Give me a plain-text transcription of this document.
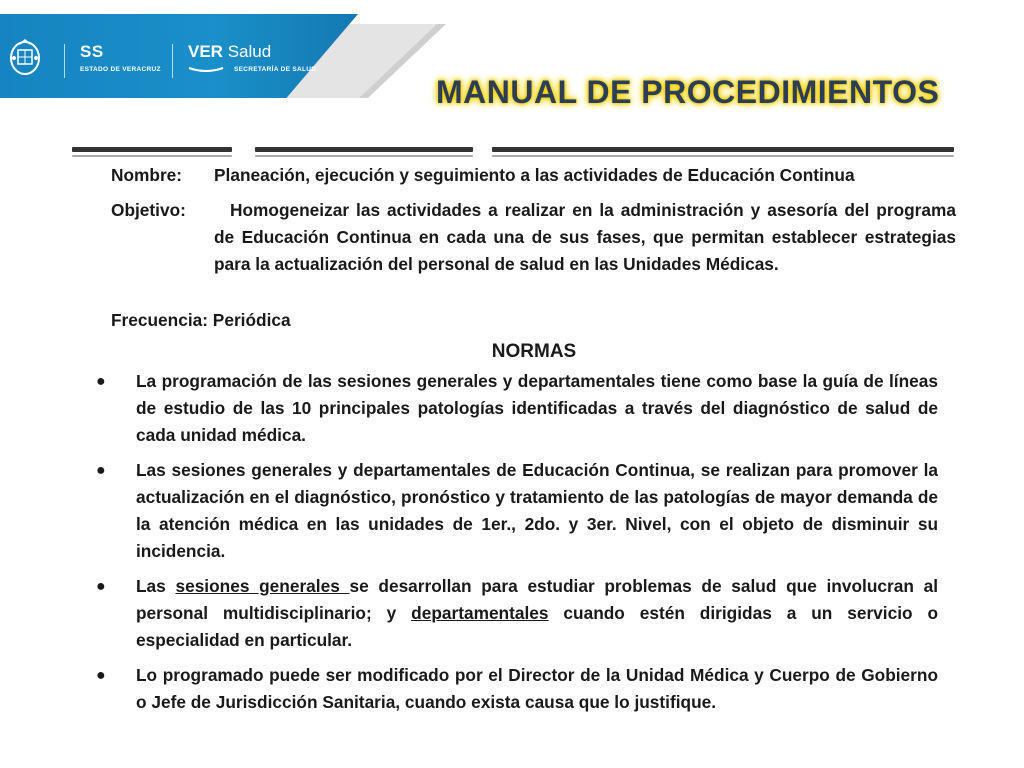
SS
ESTADO DE VERACRUZ
VER Salud
SECRETARÍA DE SALUD
MANUAL DE PROCEDIMIENTOS
Nombre: Planeación, ejecución y seguimiento a las actividades de Educación Continua
Objetivo:	Homogeneizar las actividades a realizar en la administración y asesoría del programa de Educación Continua en cada una de sus fases, que permitan establecer estrategias para la actualización del personal de salud en las Unidades Médicas.
Frecuencia: Periódica
NORMAS
● La programación de las sesiones generales y departamentales tiene como base la guía de líneas de estudio de las 10 principales patologías identificadas a través del diagnóstico de salud de cada unidad médica.
● Las sesiones generales y departamentales de Educación Continua, se realizan para promover la actualización en el diagnóstico, pronóstico y tratamiento de las patologías de mayor demanda de la atención médica en las unidades de 1er., 2do. y 3er. Nivel, con el objeto de disminuir su incidencia.
● Las sesiones generales se desarrollan para estudiar problemas de salud que involucran al personal multidisciplinario; y departamentales cuando estén dirigidas a un servicio o especialidad en particular.
● Lo programado puede ser modificado por el Director de la Unidad Médica y Cuerpo de Gobierno o Jefe de Jurisdicción Sanitaria, cuando exista causa que lo justifique.
